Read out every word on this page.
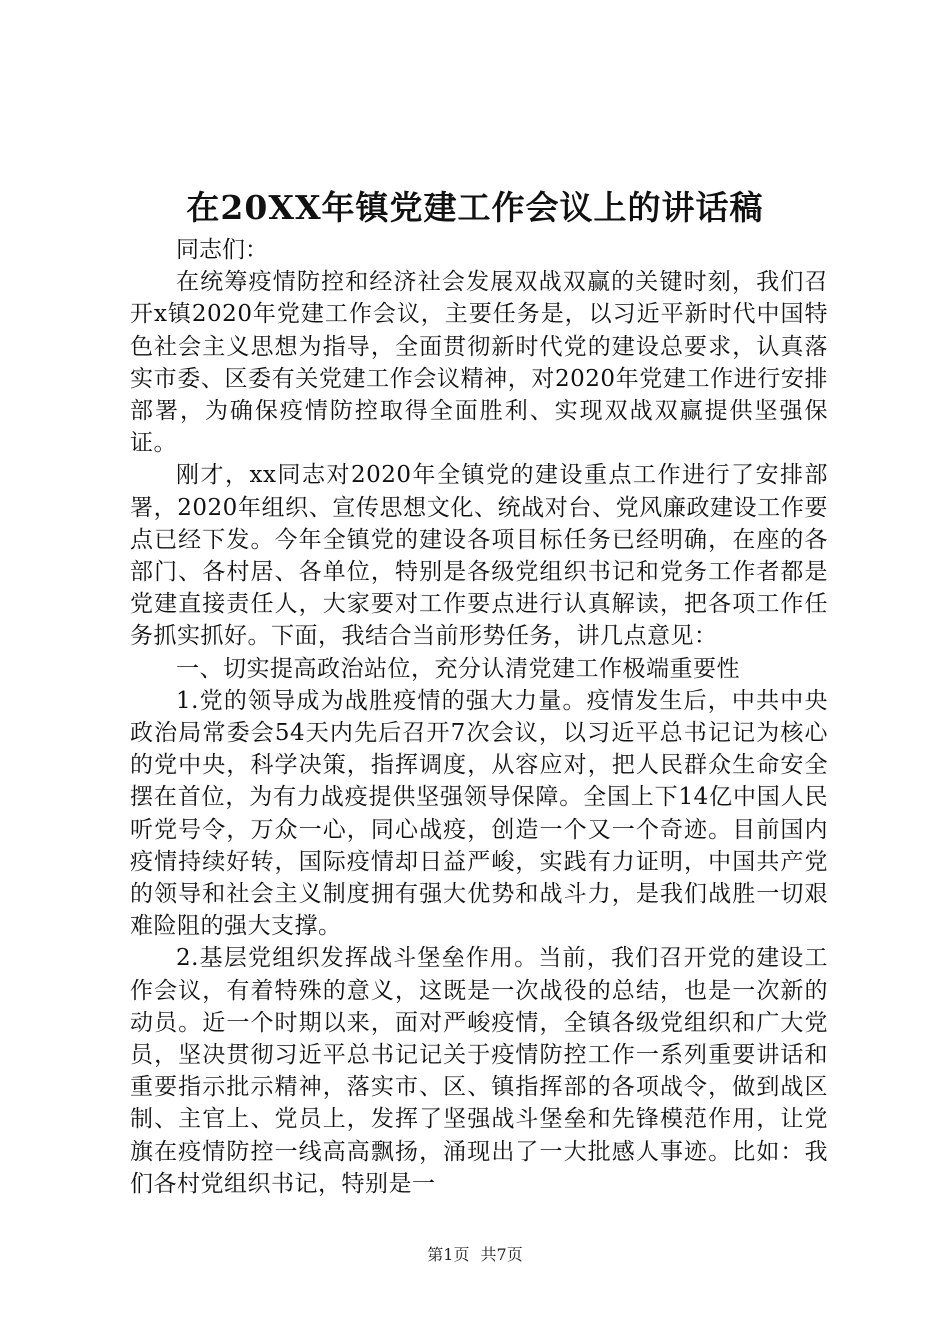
在20XX年镇党建工作会议上的讲话稿

同志们：

在统筹疫情防控和经济社会发展双战双赢的关键时刻，我们召开x镇2020年党建工作会议，主要任务是，以习近平新时代中国特色社会主义思想为指导，全面贯彻新时代党的建设总要求，认真落实市委、区委有关党建工作会议精神，对2020年党建工作进行安排部署，为确保疫情防控取得全面胜利、实现双战双赢提供坚强保证。

刚才，xx同志对2020年全镇党的建设重点工作进行了安排部署，2020年组织、宣传思想文化、统战对台、党风廉政建设工作要点已经下发。今年全镇党的建设各项目标任务已经明确，在座的各部门、各村居、各单位，特别是各级党组织书记和党务工作者都是党建直接责任人，大家要对工作要点进行认真解读，把各项工作任务抓实抓好。下面，我结合当前形势任务，讲几点意见：

一、切实提高政治站位，充分认清党建工作极端重要性

1.党的领导成为战胜疫情的强大力量。疫情发生后，中共中央政治局常委会54天内先后召开7次会议，以习近平总书记记为核心的党中央，科学决策，指挥调度，从容应对，把人民群众生命安全摆在首位，为有力战疫提供坚强领导保障。全国上下14亿中国人民听党号令，万众一心，同心战疫，创造一个又一个奇迹。目前国内疫情持续好转，国际疫情却日益严峻，实践有力证明，中国共产党的领导和社会主义制度拥有强大优势和战斗力，是我们战胜一切艰难险阻的强大支撑。

2.基层党组织发挥战斗堡垒作用。当前，我们召开党的建设工作会议，有着特殊的意义，这既是一次战役的总结，也是一次新的动员。近一个时期以来，面对严峻疫情，全镇各级党组织和广大党员，坚决贯彻习近平总书记记关于疫情防控工作一系列重要讲话和重要指示批示精神，落实市、区、镇指挥部的各项战令，做到战区制、主官上、党员上，发挥了坚强战斗堡垒和先锋模范作用，让党旗在疫情防控一线高高飘扬，涌现出了一大批感人事迹。比如：我们各村党组织书记，特别是一

第1页 共7页
